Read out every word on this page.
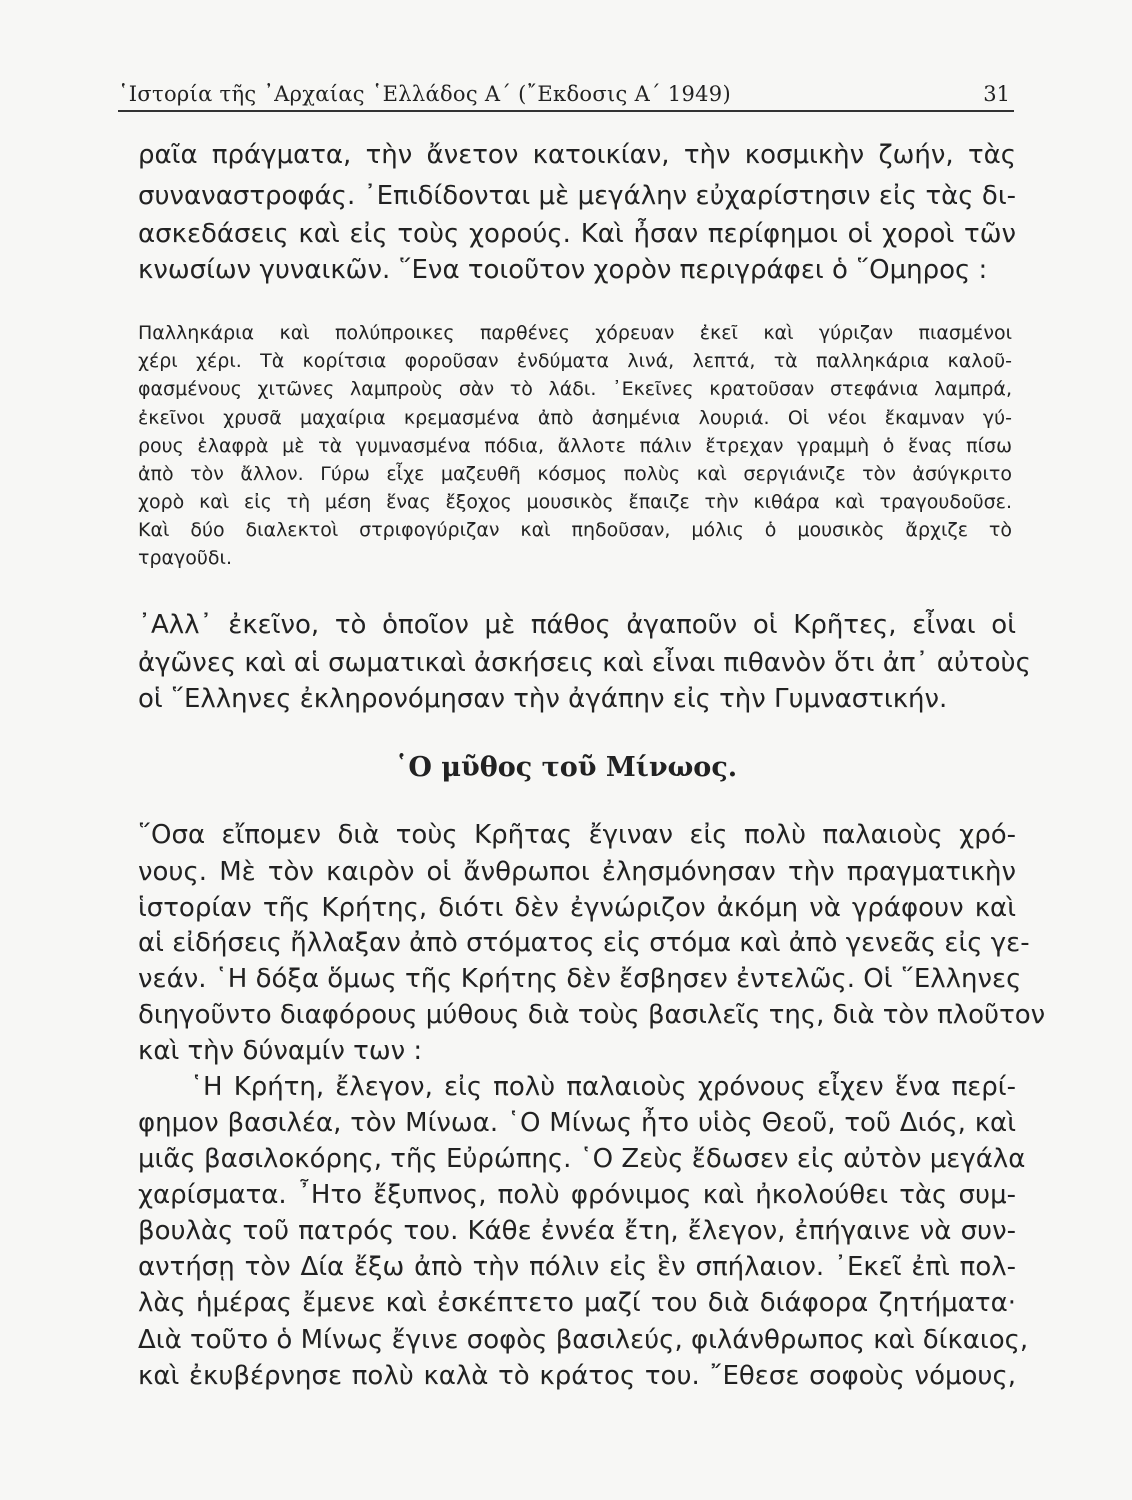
῾Ιστορία τῆς ᾿Αρχαίας ῾Ελλάδος Α΄ (῎Εκδοσις Α΄ 1949)	31
ραῖα πράγματα, τὴν ἄνετον κατοικίαν, τὴν κοσμικὴν ζωήν, τὰς
συναναστροφάς. ᾿Επιδίδονται μὲ μεγάλην εὐχαρίστησιν εἰς τὰς δι-
ασκεδάσεις καὶ εἰς τοὺς χορούς. Καὶ ἦσαν περίφημοι οἱ χοροὶ τῶν
κνωσίων γυναικῶν. ῞Ενα τοιοῦτον χορὸν περιγράφει ὁ ῞Ομηρος :
Παλληκάρια καὶ πολύπροικες παρθένες χόρευαν ἐκεῖ καὶ γύριζαν πιασμένοι
χέρι χέρι. Τὰ κορίτσια φοροῦσαν ἐνδύματα λινά, λεπτά, τὰ παλληκάρια καλοῦ-
φασμένους χιτῶνες λαμπροὺς σὰν τὸ λάδι. ᾿Εκεῖνες κρατοῦσαν στεφάνια λαμπρά,
ἐκεῖνοι χρυσᾶ μαχαίρια κρεμασμένα ἀπὸ ἀσημένια λουριά. Οἱ νέοι ἔκαμναν γύ-
ρους ἐλαφρὰ μὲ τὰ γυμνασμένα πόδια, ἄλλοτε πάλιν ἔτρεχαν γραμμὴ ὁ ἕνας πίσω
ἀπὸ τὸν ἄλλον. Γύρω εἶχε μαζευθῆ κόσμος πολὺς καὶ σεργιάνιζε τὸν ἀσύγκριτο
χορὸ καὶ εἰς τὴ μέση ἕνας ἔξοχος μουσικὸς ἔπαιζε τὴν κιθάρα καὶ τραγουδοῦσε.
Καὶ δύο διαλεκτοὶ στριφογύριζαν καὶ πηδοῦσαν, μόλις ὁ μουσικὸς ἄρχιζε τὸ
τραγοῦδι.
᾿Αλλ᾿ ἐκεῖνο, τὸ ὁποῖον μὲ πάθος ἀγαποῦν οἱ Κρῆτες, εἶναι οἱ
ἀγῶνες καὶ αἱ σωματικαὶ ἀσκήσεις καὶ εἶναι πιθανὸν ὅτι ἀπ᾿ αὐτοὺς
οἱ ῞Ελληνες ἐκληρονόμησαν τὴν ἀγάπην εἰς τὴν Γυμναστικήν.
῾Ο μῦθος τοῦ Μίνωος.
῞Οσα εἴπομεν διὰ τοὺς Κρῆτας ἔγιναν εἰς πολὺ παλαιοὺς χρό-
νους. Μὲ τὸν καιρὸν οἱ ἄνθρωποι ἐλησμόνησαν τὴν πραγματικὴν
ἱστορίαν τῆς Κρήτης, διότι δὲν ἐγνώριζον ἀκόμη νὰ γράφουν καὶ
αἱ εἰδήσεις ἤλλαξαν ἀπὸ στόματος εἰς στόμα καὶ ἀπὸ γενεᾶς εἰς γε-
νεάν. ῾Η δόξα ὅμως τῆς Κρήτης δὲν ἔσβησεν ἐντελῶς. Οἱ ῞Ελληνες
διηγοῦντο διαφόρους μύθους διὰ τοὺς βασιλεῖς της, διὰ τὸν πλοῦτον
καὶ τὴν δύναμίν των :
῾Η Κρήτη, ἔλεγον, εἰς πολὺ παλαιοὺς χρόνους εἶχεν ἕνα περί-
φημον βασιλέα, τὸν Μίνωα. ῾Ο Μίνως ἦτο υἱὸς Θεοῦ, τοῦ Διός, καὶ
μιᾶς βασιλοκόρης, τῆς Εὐρώπης. ῾Ο Ζεὺς ἔδωσεν εἰς αὐτὸν μεγάλα
χαρίσματα. ῏Ητο ἔξυπνος, πολὺ φρόνιμος καὶ ἠκολούθει τὰς συμ-
βουλὰς τοῦ πατρός του. Κάθε ἐννέα ἔτη, ἔλεγον, ἐπήγαινε νὰ συν-
αντήσῃ τὸν Δία ἔξω ἀπὸ τὴν πόλιν εἰς ἓν σπήλαιον. ᾿Εκεῖ ἐπὶ πολ-
λὰς ἡμέρας ἔμενε καὶ ἐσκέπτετο μαζί του διὰ διάφορα ζητήματα·
Διὰ τοῦτο ὁ Μίνως ἔγινε σοφὸς βασιλεύς, φιλάνθρωπος καὶ δίκαιος,
καὶ ἐκυβέρνησε πολὺ καλὰ τὸ κράτος του. ῎Εθεσε σοφοὺς νόμους,
